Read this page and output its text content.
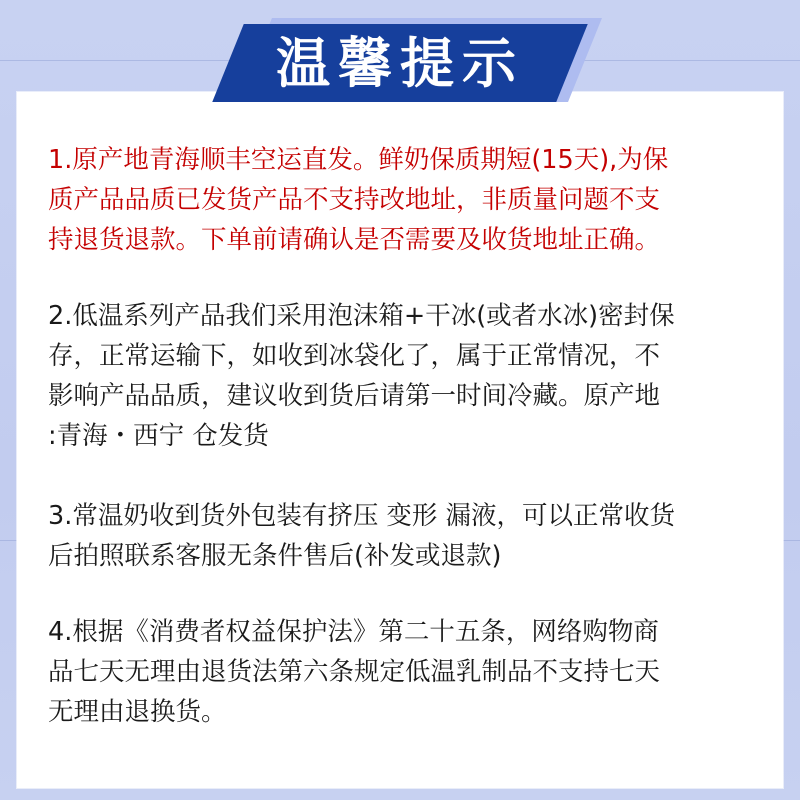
温馨提示
1.原产地青海顺丰空运直发。鲜奶保质期短(15天),为保
质产品品质已发货产品不支持改地址，非质量问题不支
持退货退款。下单前请确认是否需要及收货地址正确。
2.低温系列产品我们采用泡沫箱+干冰(或者水冰)密封保
存，正常运输下，如收到冰袋化了，属于正常情况，不
影响产品品质，建议收到货后请第一时间冷藏。原产地
:青海・西宁 仓发货
3.常温奶收到货外包装有挤压 变形 漏液，可以正常收货
后拍照联系客服无条件售后(补发或退款)
4.根据《消费者权益保护法》第二十五条，网络购物商
品七天无理由退货法第六条规定低温乳制品不支持七天
无理由退换货。
